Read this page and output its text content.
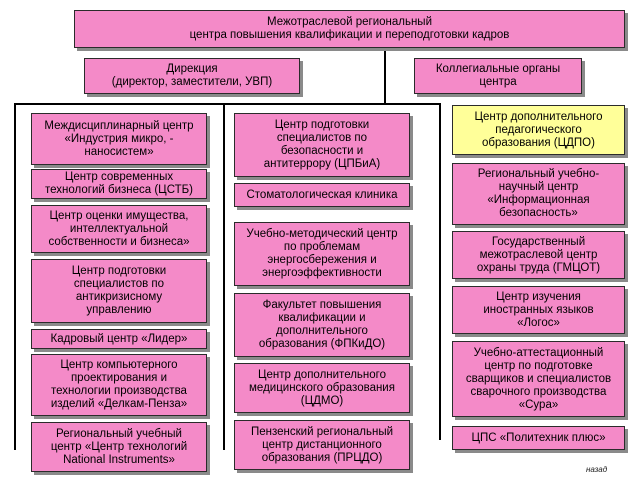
Межотраслевой региональный
центра повышения квалификации и переподготовки кадров
Дирекция
(директор, заместители, УВП)
Коллегиальные органы
центра
Междисциплинарный центр
«Индустрия микро, -
наносистем»
Центр современных
технологий бизнеса (ЦСТБ)
Центр оценки имущества,
интеллектуальной
собственности и бизнеса»
Центр подготовки
специалистов по
антикризисному
управлению
Кадровый центр «Лидер»
Центр компьютерного
проектирования и
технологии производства
изделий «Делкам-Пенза»
Региональный учебный
центр «Центр технологий
National Instruments»
Центр подготовки
специалистов по
безопасности и
антитеррору (ЦПБиА)
Стоматологическая клиника
Учебно-методический центр
по проблемам
энергосбережения и
энергоэффективности
Факультет повышения
квалификации и
дополнительного
образования (ФПКиДО)
Центр дополнительного
медицинского образования
(ЦДМО)
Пензенский региональный
центр дистанционного
образования (ПРЦДО)
Центр дополнительного
педагогического
образования (ЦДПО)
Региональный учебно-
научный центр
«Информационная
безопасность»
Государственный
межотраслевой центр
охраны труда (ГМЦОТ)
Центр изучения
иностранных языков
«Логос»
Учебно-аттестационный
центр по подготовке
сварщиков и специалистов
сварочного производства
«Сура»
ЦПС «Политехник плюс»
назад
